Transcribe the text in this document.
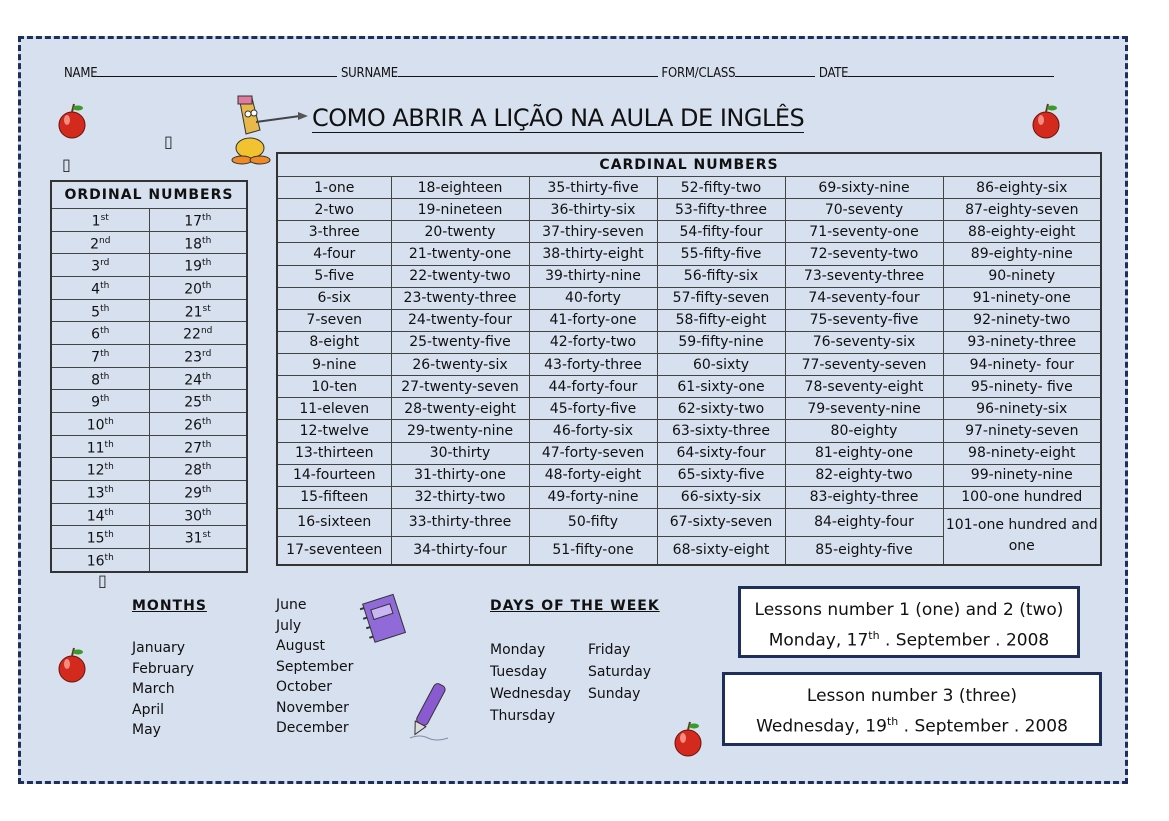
NAME	SURNAME	FORM/CLASS	DATE
COMO ABRIR A LIÇÃO NA AULA DE INGLÊS
▯
▯
▯
ORDINAL NUMBERS	
1st	17th
2nd	18th
3rd	19th
4th	20th
5th	21st
6th	22nd
7th	23rd
8th	24th
9th	25th
10th	26th
11th	27th
12th	28th
13th	29th
14th	30th
15th	31st
16th	
CARDINAL NUMBERS					
1-one	18-eighteen	35-thirty-five	52-fifty-two	69-sixty-nine	86-eighty-six
2-two	19-nineteen	36-thirty-six	53-fifty-three	70-seventy	87-eighty-seven
3-three	20-twenty	37-thiry-seven	54-fifty-four	71-seventy-one	88-eighty-eight
4-four	21-twenty-one	38-thirty-eight	55-fifty-five	72-seventy-two	89-eighty-nine
5-five	22-twenty-two	39-thirty-nine	56-fifty-six	73-seventy-three	90-ninety
6-six	23-twenty-three	40-forty	57-fifty-seven	74-seventy-four	91-ninety-one
7-seven	24-twenty-four	41-forty-one	58-fifty-eight	75-seventy-five	92-ninety-two
8-eight	25-twenty-five	42-forty-two	59-fifty-nine	76-seventy-six	93-ninety-three
9-nine	26-twenty-six	43-forty-three	60-sixty	77-seventy-seven	94-ninety- four
10-ten	27-twenty-seven	44-forty-four	61-sixty-one	78-seventy-eight	95-ninety- five
11-eleven	28-twenty-eight	45-forty-five	62-sixty-two	79-seventy-nine	96-ninety-six
12-twelve	29-twenty-nine	46-forty-six	63-sixty-three	80-eighty	97-ninety-seven
13-thirteen	30-thirty	47-forty-seven	64-sixty-four	81-eighty-one	98-ninety-eight
14-fourteen	31-thirty-one	48-forty-eight	65-sixty-five	82-eighty-two	99-ninety-nine
15-fifteen	32-thirty-two	49-forty-nine	66-sixty-six	83-eighty-three	100-one hundred
16-sixteen	33-thirty-three	50-fifty	67-sixty-seven	84-eighty-four	101-one hundred and one
17-seventeen	34-thirty-four	51-fifty-one	68-sixty-eight	85-eighty-five	
MONTHS
January
February
March
April
May
June
July
August
September
October
November
December
DAYS OF THE WEEK
Monday
Tuesday
Wednesday
Thursday
Friday
Saturday
Sunday
Lessons number 1 (one) and 2 (two)
Monday, 17th . September . 2008
Lesson number 3 (three)
Wednesday, 19th . September . 2008
